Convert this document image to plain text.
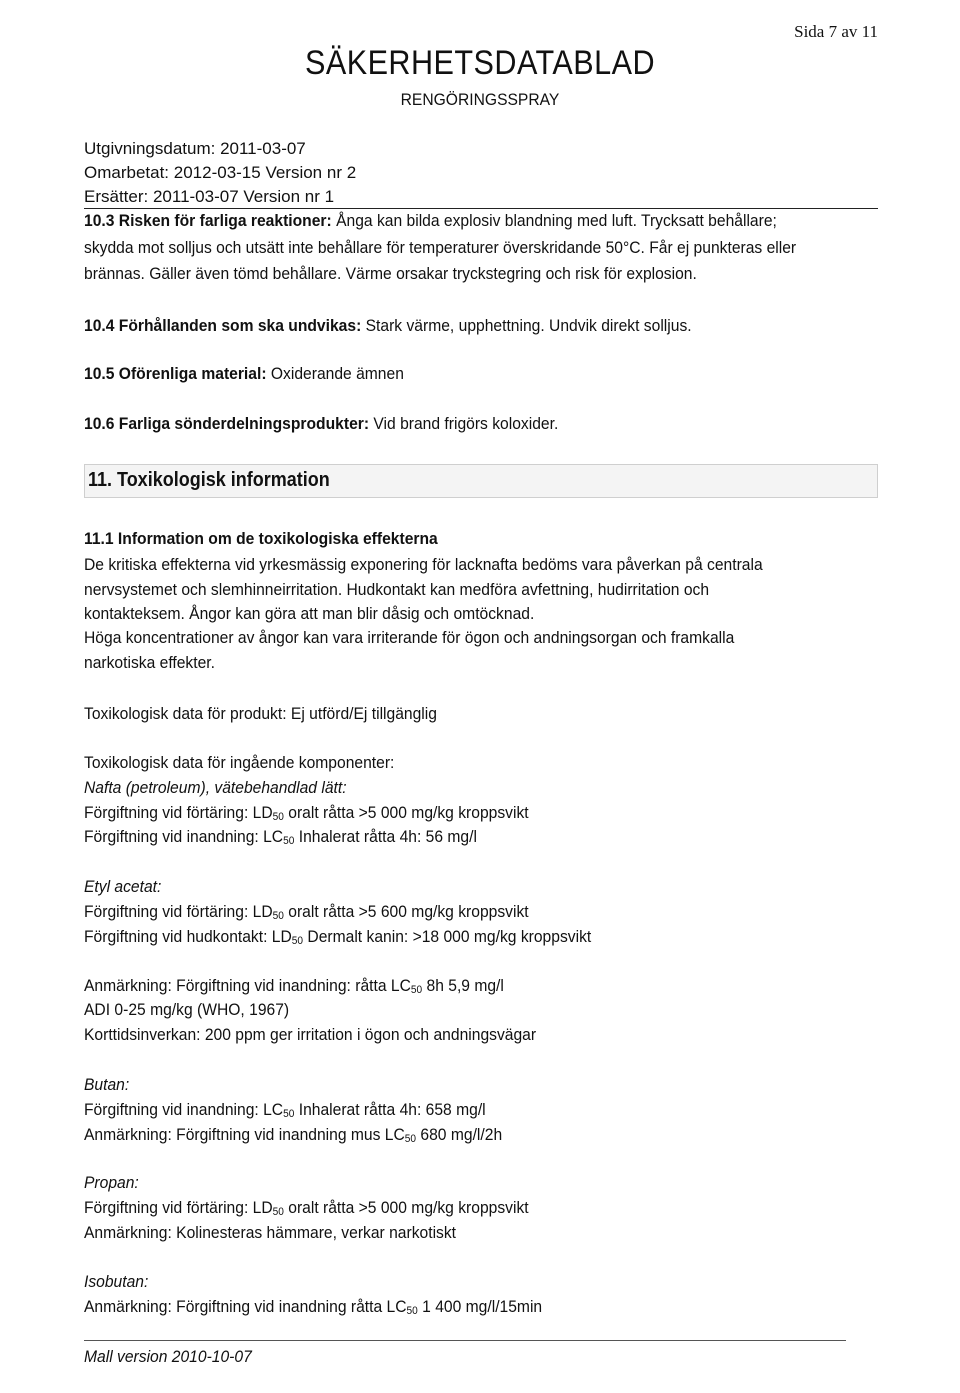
Sida 7 av 11
SÄKERHETSDATABLAD
RENGÖRINGSSPRAY
Utgivningsdatum: 2011-03-07
Omarbetat: 2012-03-15 Version nr 2
Ersätter: 2011-03-07 Version nr 1
10.3 Risken för farliga reaktioner: Ånga kan bilda explosiv blandning med luft. Trycksatt behållare;
skydda mot solljus och utsätt inte behållare för temperaturer överskridande 50°C. Får ej punkteras eller
brännas. Gäller även tömd behållare. Värme orsakar tryckstegring och risk för explosion.
10.4 Förhållanden som ska undvikas: Stark värme, upphettning. Undvik direkt solljus.
10.5 Oförenliga material: Oxiderande ämnen
10.6 Farliga sönderdelningsprodukter: Vid brand frigörs koloxider.
11. Toxikologisk information
11.1 Information om de toxikologiska effekterna
De kritiska effekterna vid yrkesmässig exponering för lacknafta bedöms vara påverkan på centrala
nervsystemet och slemhinneirritation. Hudkontakt kan medföra avfettning, hudirritation och
kontakteksem. Ångor kan göra att man blir dåsig och omtöcknad.
Höga koncentrationer av ångor kan vara irriterande för ögon och andningsorgan och framkalla
narkotiska effekter.
Toxikologisk data för produkt: Ej utförd/Ej tillgänglig
Toxikologisk data för ingående komponenter:
Nafta (petroleum), vätebehandlad lätt:
Förgiftning vid förtäring: $LD_{50}$ oralt råtta >5 000 mg/kg kroppsvikt
Förgiftning vid inandning: $LC_{50}$ Inhalerat råtta 4h: 56 mg/l
Etyl acetat:
Förgiftning vid förtäring: $LD_{50}$ oralt råtta >5 600 mg/kg kroppsvikt
Förgiftning vid hudkontakt: $LD_{50}$ Dermalt kanin: >18 000 mg/kg kroppsvikt
Anmärkning: Förgiftning vid inandning: råtta $LC_{50}$ 8h 5,9 mg/l
ADI 0-25 mg/kg (WHO, 1967)
Korttidsinverkan: 200 ppm ger irritation i ögon och andningsvägar
Butan:
Förgiftning vid inandning: $LC_{50}$ Inhalerat råtta 4h: 658 mg/l
Anmärkning: Förgiftning vid inandning mus $LC_{50}$ 680 mg/l/2h
Propan:
Förgiftning vid förtäring: $LD_{50}$ oralt råtta >5 000 mg/kg kroppsvikt
Anmärkning: Kolinesteras hämmare, verkar narkotiskt
Isobutan:
Anmärkning: Förgiftning vid inandning råtta $LC_{50}$ 1 400 mg/l/15min
Mall version 2010-10-07
